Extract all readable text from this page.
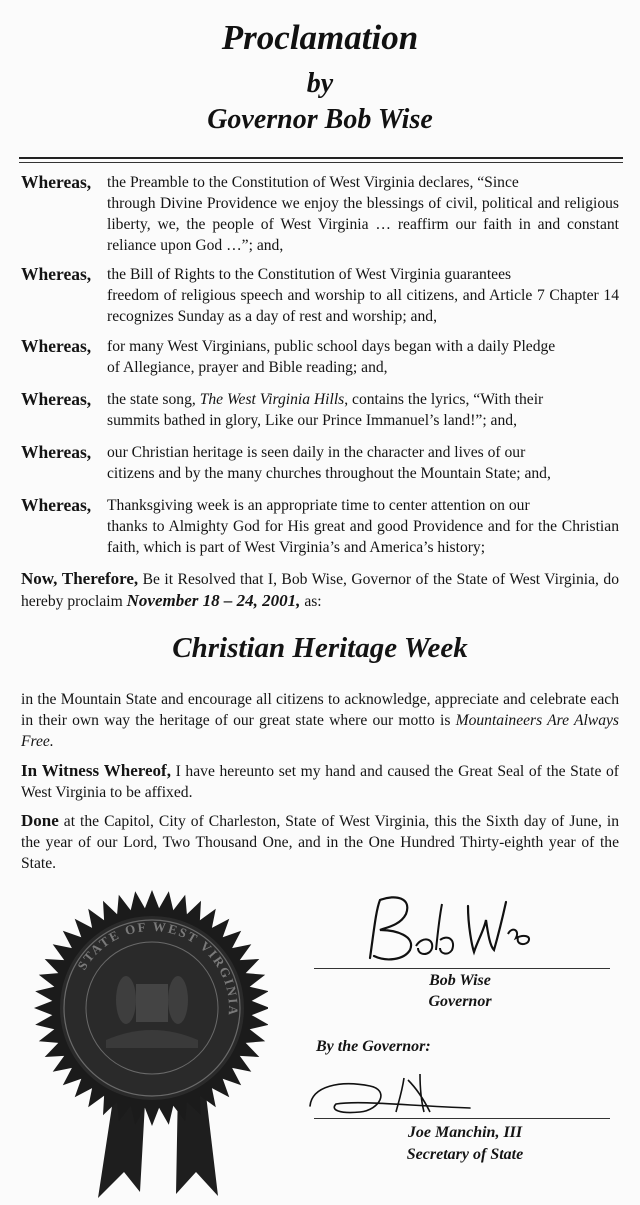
Proclamation
by
Governor Bob Wise
Whereas,	the Preamble to the Constitution of West Virginia declares, “Since
through Divine Providence we enjoy the blessings of civil, political and religious liberty, we, the people of West Virginia … reaffirm our faith in and constant reliance upon God …”; and,
Whereas,	the Bill of Rights to the Constitution of West Virginia guarantees
freedom of religious speech and worship to all citizens, and Article 7 Chapter 14 recognizes Sunday as a day of rest and worship; and,
Whereas,	for many West Virginians, public school days began with a daily Pledge
of Allegiance, prayer and Bible reading; and,
Whereas,	the state song, The West Virginia Hills, contains the lyrics, “With their
summits bathed in glory, Like our Prince Immanuel’s land!”; and,
Whereas,	our Christian heritage is seen daily in the character and lives of our
citizens and by the many churches throughout the Mountain State; and,
Whereas,	Thanksgiving week is an appropriate time to center attention on our
thanks to Almighty God for His great and good Providence and for the Christian faith, which is part of West Virginia’s and America’s history;
Now, Therefore, Be it Resolved that I, Bob Wise, Governor of the State of West Virginia, do hereby proclaim November 18 – 24, 2001, as:
Christian Heritage Week
in the Mountain State and encourage all citizens to acknowledge, appreciate and celebrate each in their own way the heritage of our great state where our motto is Mountaineers Are Always Free.
In Witness Whereof, I have hereunto set my hand and caused the Great Seal of the State of West Virginia to be affixed.
Done at the Capitol, City of Charleston, State of West Virginia, this the Sixth day of June, in the year of our Lord, Two Thousand One, and in the One Hundred Thirty-eighth year of the State.
STATE OF WEST VIRGINIA
Bob Wise
Governor
By the Governor:
Joe Manchin, III
Secretary of State
